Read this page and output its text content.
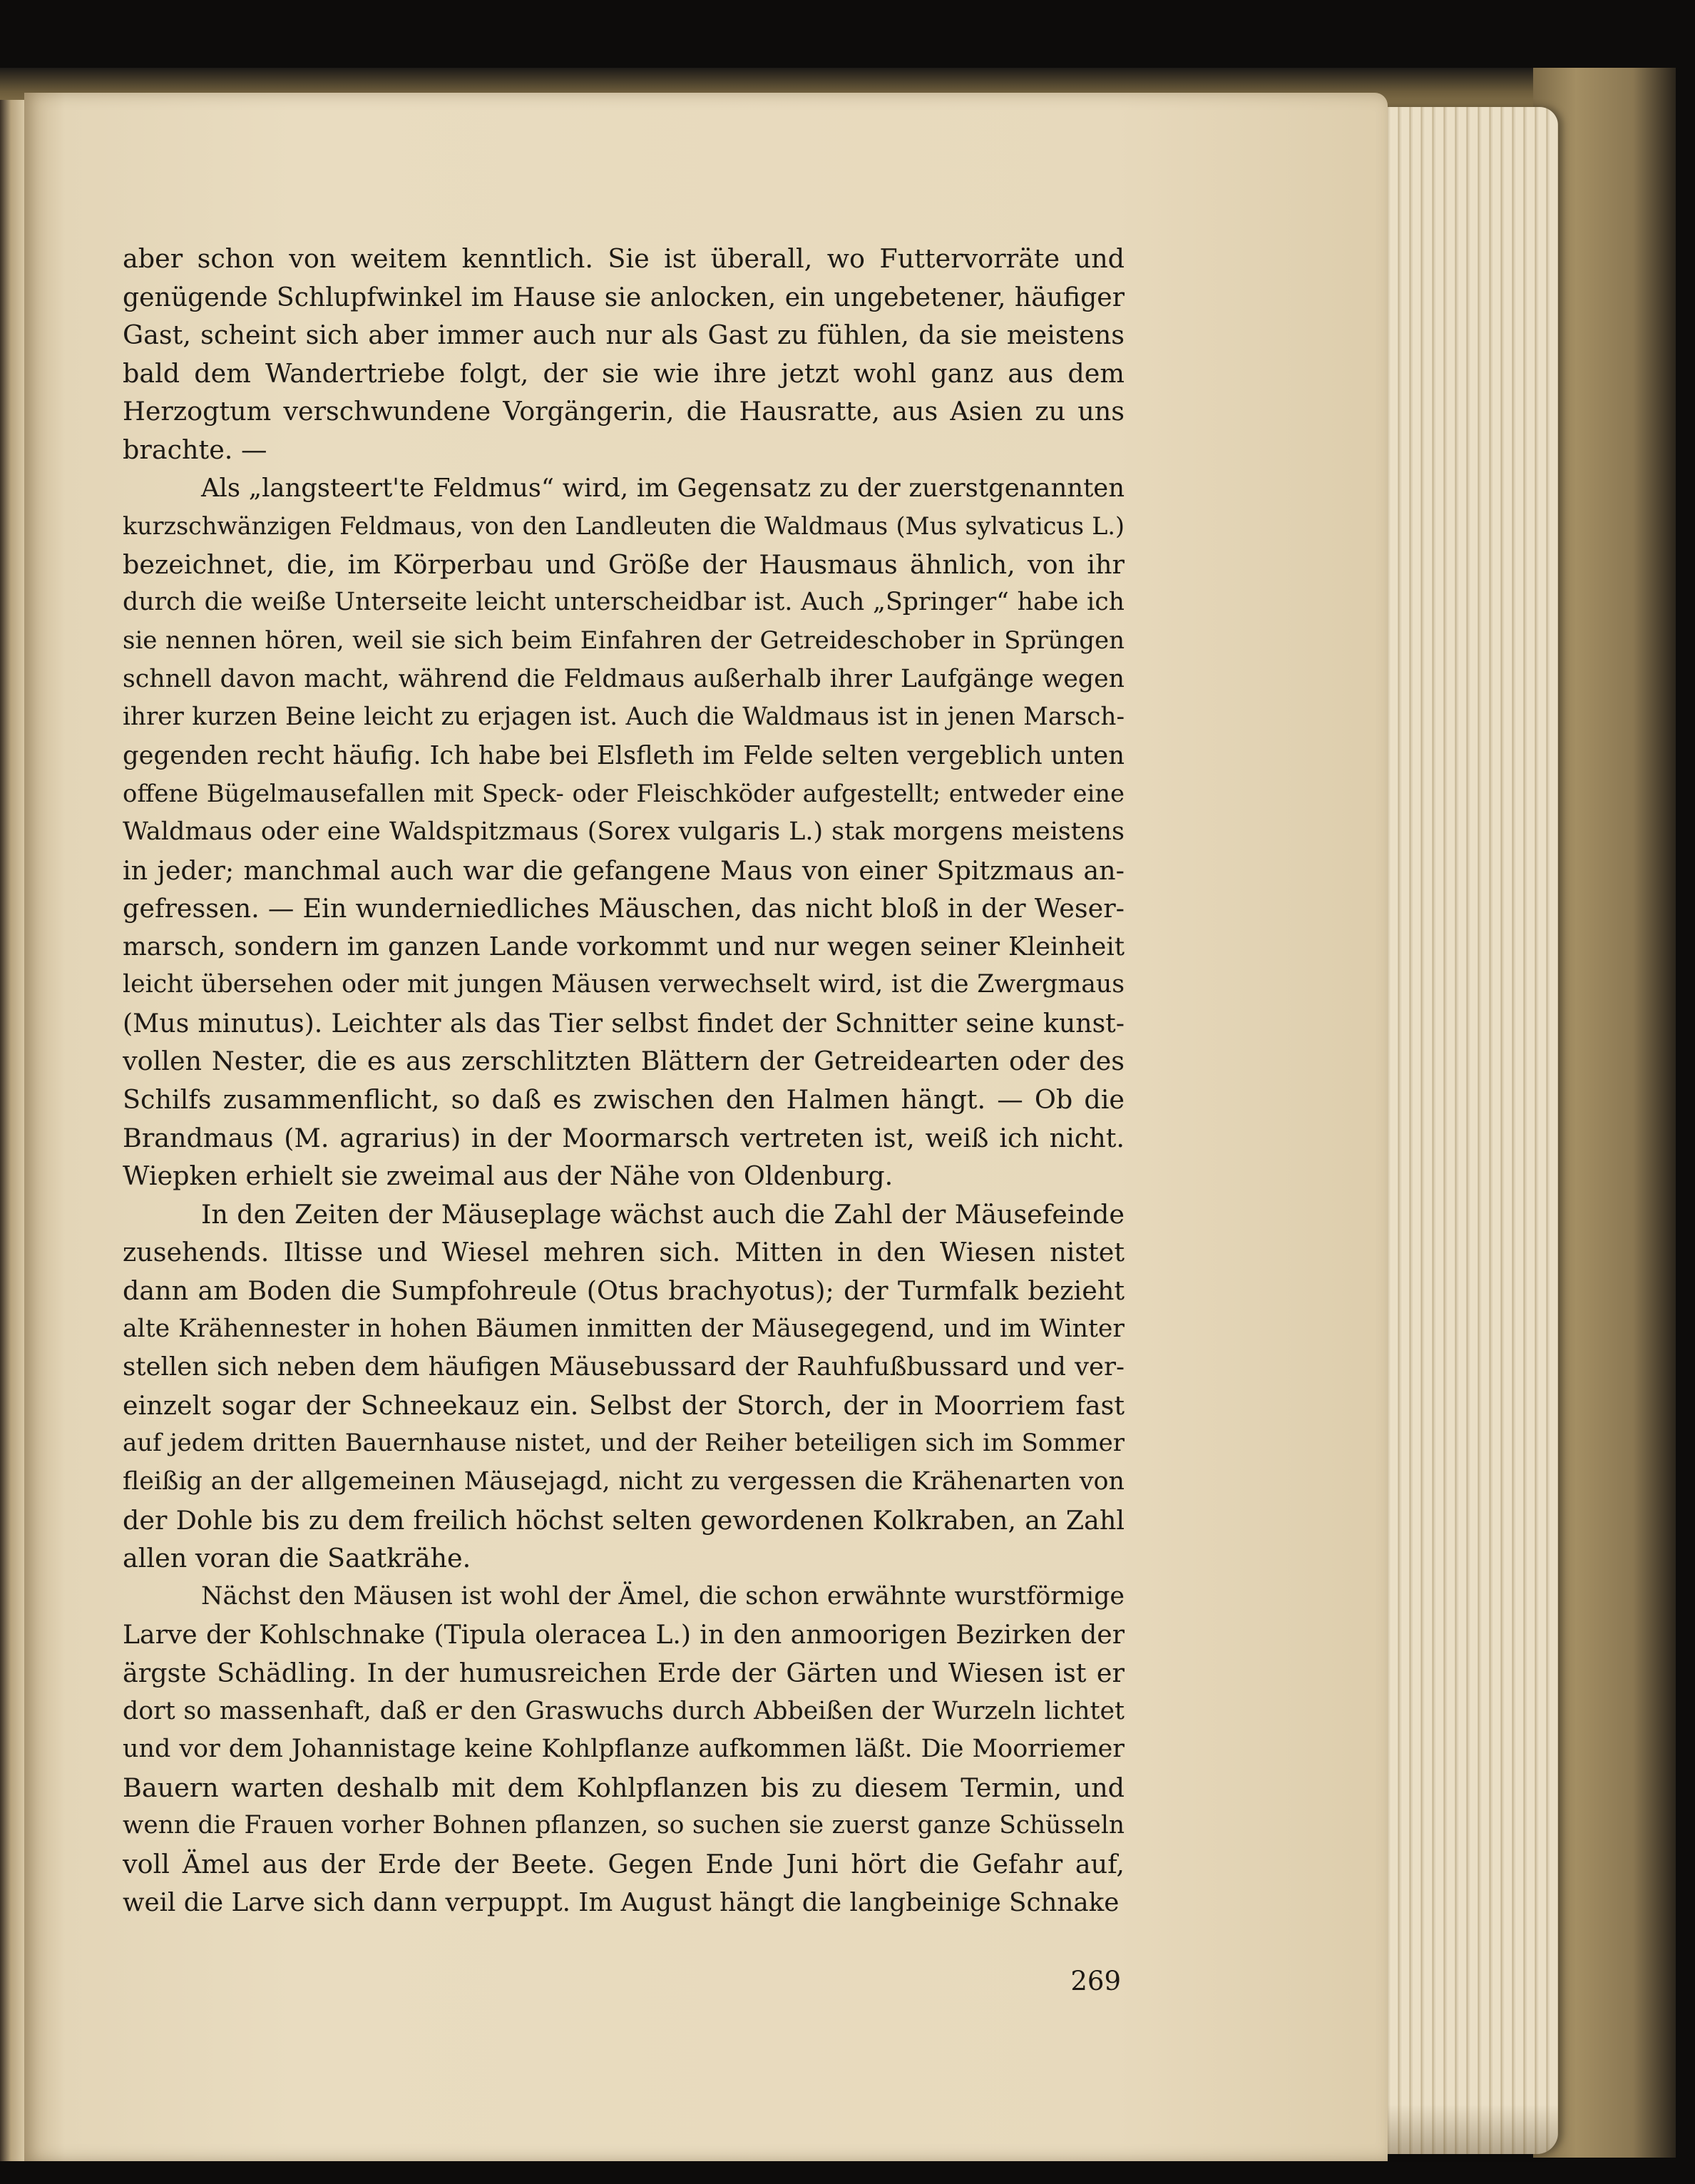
aber schon von weitem kenntlich. Sie ist überall, wo Futtervorräte und
genügende Schlupfwinkel im Hause sie anlocken, ein ungebetener, häufiger
Gast, scheint sich aber immer auch nur als Gast zu fühlen, da sie meistens
bald dem Wandertriebe folgt, der sie wie ihre jetzt wohl ganz aus dem
Herzogtum verschwundene Vorgängerin, die Hausratte, aus Asien zu uns
brachte. —
Als „langsteert'te Feldmus“ wird, im Gegensatz zu der zuerstgenannten
kurzschwänzigen Feldmaus, von den Landleuten die Waldmaus (Mus sylvaticus L.)
bezeichnet, die, im Körperbau und Größe der Hausmaus ähnlich, von ihr
durch die weiße Unterseite leicht unterscheidbar ist. Auch „Springer“ habe ich
sie nennen hören, weil sie sich beim Einfahren der Getreideschober in Sprüngen
schnell davon macht, während die Feldmaus außerhalb ihrer Laufgänge wegen
ihrer kurzen Beine leicht zu erjagen ist. Auch die Waldmaus ist in jenen Marsch-
gegenden recht häufig. Ich habe bei Elsfleth im Felde selten vergeblich unten
offene Bügelmausefallen mit Speck- oder Fleischköder aufgestellt; entweder eine
Waldmaus oder eine Waldspitzmaus (Sorex vulgaris L.) stak morgens meistens
in jeder; manchmal auch war die gefangene Maus von einer Spitzmaus an-
gefressen. — Ein wunderniedliches Mäuschen, das nicht bloß in der Weser-
marsch, sondern im ganzen Lande vorkommt und nur wegen seiner Kleinheit
leicht übersehen oder mit jungen Mäusen verwechselt wird, ist die Zwergmaus
(Mus minutus). Leichter als das Tier selbst findet der Schnitter seine kunst-
vollen Nester, die es aus zerschlitzten Blättern der Getreidearten oder des
Schilfs zusammenflicht, so daß es zwischen den Halmen hängt. — Ob die
Brandmaus (M. agrarius) in der Moormarsch vertreten ist, weiß ich nicht.
Wiepken erhielt sie zweimal aus der Nähe von Oldenburg.
In den Zeiten der Mäuseplage wächst auch die Zahl der Mäusefeinde
zusehends. Iltisse und Wiesel mehren sich. Mitten in den Wiesen nistet
dann am Boden die Sumpfohreule (Otus brachyotus); der Turmfalk bezieht
alte Krähennester in hohen Bäumen inmitten der Mäusegegend, und im Winter
stellen sich neben dem häufigen Mäusebussard der Rauhfußbussard und ver-
einzelt sogar der Schneekauz ein. Selbst der Storch, der in Moorriem fast
auf jedem dritten Bauernhause nistet, und der Reiher beteiligen sich im Sommer
fleißig an der allgemeinen Mäusejagd, nicht zu vergessen die Krähenarten von
der Dohle bis zu dem freilich höchst selten gewordenen Kolkraben, an Zahl
allen voran die Saatkrähe.
Nächst den Mäusen ist wohl der Ämel, die schon erwähnte wurstförmige
Larve der Kohlschnake (Tipula oleracea L.) in den anmoorigen Bezirken der
ärgste Schädling. In der humusreichen Erde der Gärten und Wiesen ist er
dort so massenhaft, daß er den Graswuchs durch Abbeißen der Wurzeln lichtet
und vor dem Johannistage keine Kohlpflanze aufkommen läßt. Die Moorriemer
Bauern warten deshalb mit dem Kohlpflanzen bis zu diesem Termin, und
wenn die Frauen vorher Bohnen pflanzen, so suchen sie zuerst ganze Schüsseln
voll Ämel aus der Erde der Beete. Gegen Ende Juni hört die Gefahr auf,
weil die Larve sich dann verpuppt. Im August hängt die langbeinige Schnake
269
